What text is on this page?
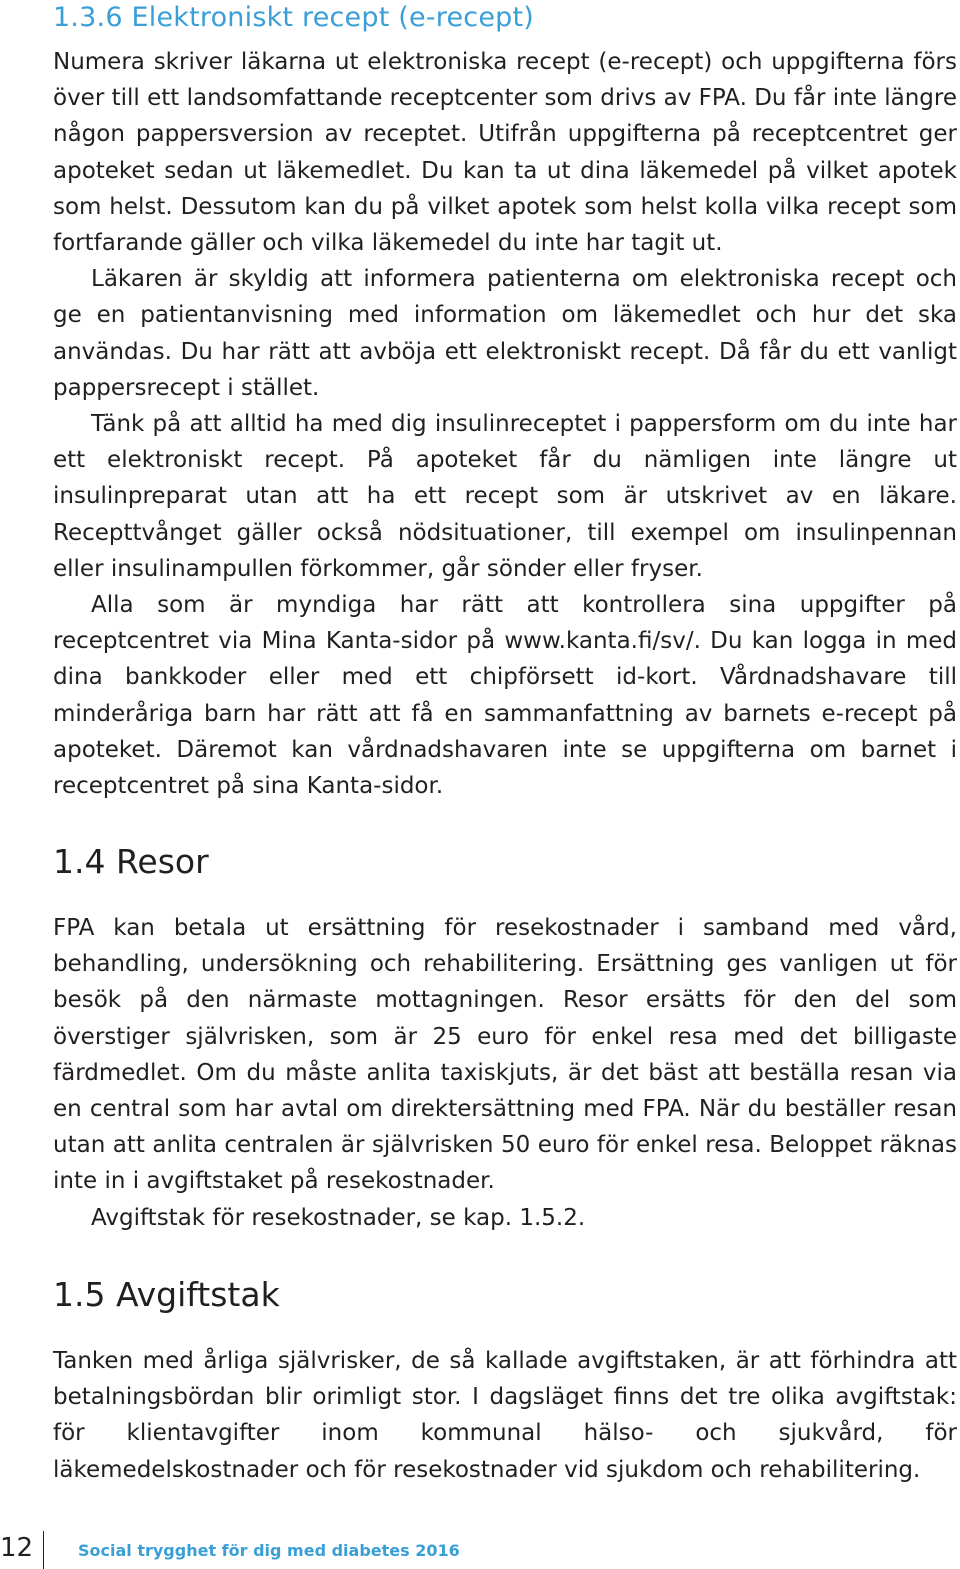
1.3.6 Elektroniskt recept (e-recept)

Numera skriver läkarna ut elektroniska recept (e-recept) och uppgifterna förs över till ett landsomfattande receptcenter som drivs av FPA. Du får inte längre någon pappersversion av receptet. Utifrån uppgifterna på receptcentret ger apoteket sedan ut läkemedlet. Du kan ta ut dina läkemedel på vilket apotek som helst. Dessutom kan du på vilket apotek som helst kolla vilka recept som fortfarande gäller och vilka läkemedel du inte har tagit ut.

Läkaren är skyldig att informera patienterna om elektroniska recept och ge en patientanvisning med information om läkemedlet och hur det ska användas. Du har rätt att avböja ett elektroniskt recept. Då får du ett vanligt pappersrecept i stället.

Tänk på att alltid ha med dig insulinreceptet i pappersform om du inte har ett elektroniskt recept. På apoteket får du nämligen inte längre ut insulinpreparat utan att ha ett recept som är utskrivet av en läkare. Recepttvånget gäller också nödsituationer, till exempel om insulinpennan eller insulinampullen förkommer, går sönder eller fryser.

Alla som är myndiga har rätt att kontrollera sina uppgifter på receptcentret via Mina Kanta-sidor på www.kanta.fi/sv/. Du kan logga in med dina bankkoder eller med ett chipförsett id-kort. Vårdnadshavare till minderåriga barn har rätt att få en sammanfattning av barnets e-recept på apoteket. Däremot kan vårdnadshavaren inte se uppgifterna om barnet i receptcentret på sina Kanta-sidor.

1.4 Resor

FPA kan betala ut ersättning för resekostnader i samband med vård, behandling, undersökning och rehabilitering. Ersättning ges vanligen ut för besök på den närmaste mottagningen. Resor ersätts för den del som överstiger självrisken, som är 25 euro för enkel resa med det billigaste färdmedlet. Om du måste anlita taxiskjuts, är det bäst att beställa resan via en central som har avtal om direktersättning med FPA. När du beställer resan utan att anlita centralen är självrisken 50 euro för enkel resa. Beloppet räknas inte in i avgiftstaket på resekostnader.

Avgiftstak för resekostnader, se kap. 1.5.2.

1.5 Avgiftstak

Tanken med årliga självrisker, de så kallade avgiftstaken, är att förhindra att betalningsbördan blir orimligt stor. I dagsläget finns det tre olika avgiftstak: för klientavgifter inom kommunal hälso- och sjukvård, för läkemedelskostnader och för resekostnader vid sjukdom och rehabilitering.

12	Social trygghet för dig med diabetes 2016
